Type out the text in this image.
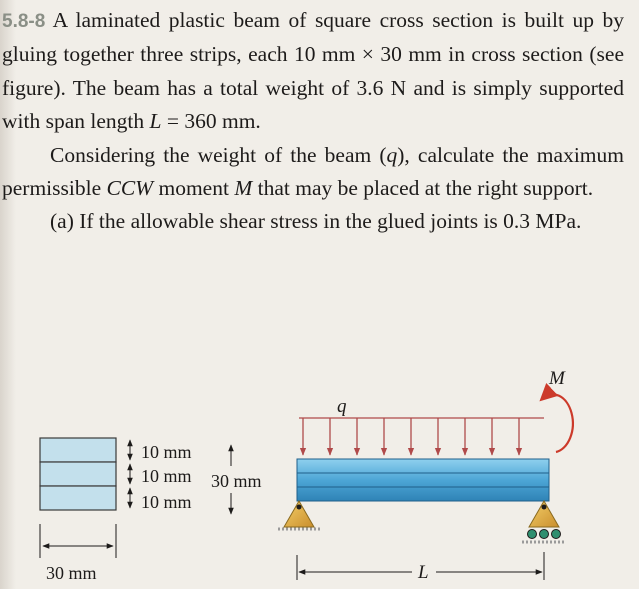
5.8-8 A laminated plastic beam of square cross section is built up by gluing together three strips, each 10 mm × 30 mm in cross section (see figure). The beam has a total weight of 3.6 N and is simply supported with span length L = 360 mm.

Considering the weight of the beam (q), calculate the maximum permissible CCW moment M that may be placed at the right support.

(a) If the allowable shear stress in the glued joints is 0.3 MPa.

30 mm
10 mm
10 mm
10 mm
30 mm
q
M
L
